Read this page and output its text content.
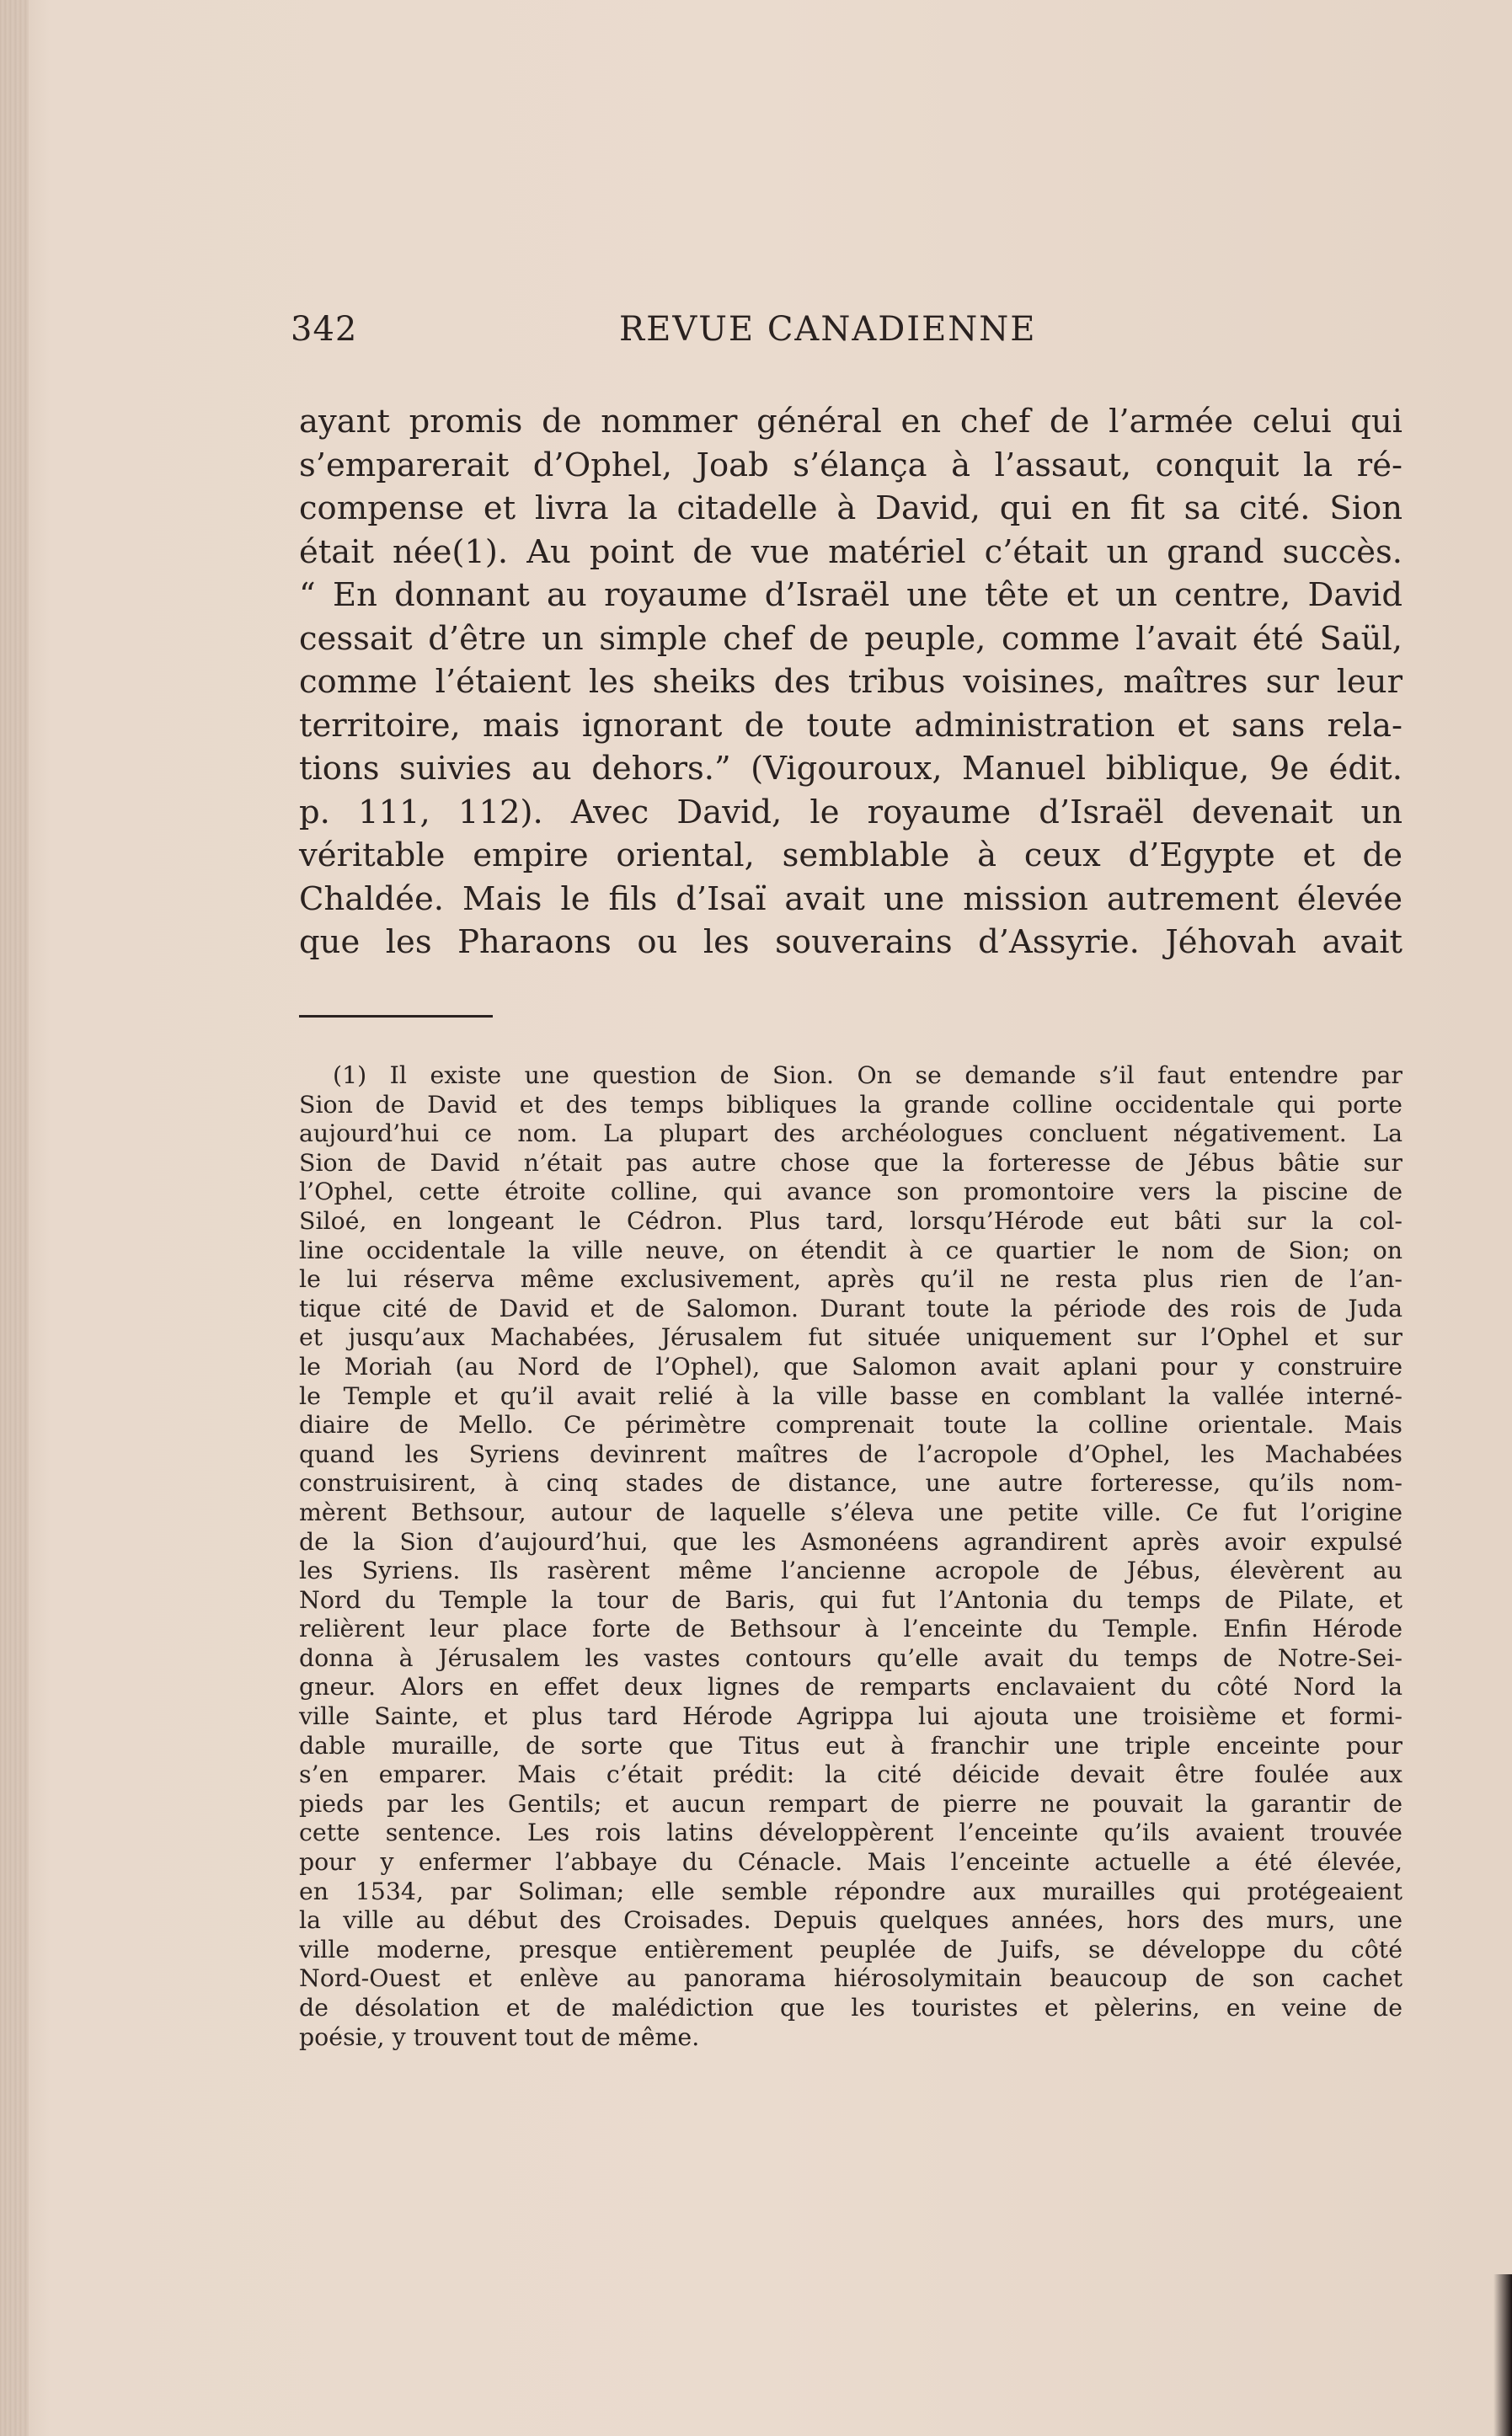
342	REVUE CANADIENNE
ayant promis de nommer général en chef de l’armée celui qui
s’emparerait d’Ophel, Joab s’élança à l’assaut, conquit la ré-
compense et livra la citadelle à David, qui en fit sa cité. Sion
était née(1). Au point de vue matériel c’était un grand succès.
“ En donnant au royaume d’Israël une tête et un centre, David
cessait d’être un simple chef de peuple, comme l’avait été Saül,
comme l’étaient les sheiks des tribus voisines, maîtres sur leur
territoire, mais ignorant de toute administration et sans rela-
tions suivies au dehors.” (Vigouroux, Manuel biblique, 9e édit.
p. 111, 112). Avec David, le royaume d’Israël devenait un
véritable empire oriental, semblable à ceux d’Egypte et de
Chaldée. Mais le fils d’Isaï avait une mission autrement élevée
que les Pharaons ou les souverains d’Assyrie. Jéhovah avait
(1) Il existe une question de Sion. On se demande s’il faut entendre par
Sion de David et des temps bibliques la grande colline occidentale qui porte
aujourd’hui ce nom. La plupart des archéologues concluent négativement. La
Sion de David n’était pas autre chose que la forteresse de Jébus bâtie sur
l’Ophel, cette étroite colline, qui avance son promontoire vers la piscine de
Siloé, en longeant le Cédron. Plus tard, lorsqu’Hérode eut bâti sur la col-
line occidentale la ville neuve, on étendit à ce quartier le nom de Sion; on
le lui réserva même exclusivement, après qu’il ne resta plus rien de l’an-
tique cité de David et de Salomon. Durant toute la période des rois de Juda
et jusqu’aux Machabées, Jérusalem fut située uniquement sur l’Ophel et sur
le Moriah (au Nord de l’Ophel), que Salomon avait aplani pour y construire
le Temple et qu’il avait relié à la ville basse en comblant la vallée interné-
diaire de Mello. Ce périmètre comprenait toute la colline orientale. Mais
quand les Syriens devinrent maîtres de l’acropole d’Ophel, les Machabées
construisirent, à cinq stades de distance, une autre forteresse, qu’ils nom-
mèrent Bethsour, autour de laquelle s’éleva une petite ville. Ce fut l’origine
de la Sion d’aujourd’hui, que les Asmonéens agrandirent après avoir expulsé
les Syriens. Ils rasèrent même l’ancienne acropole de Jébus, élevèrent au
Nord du Temple la tour de Baris, qui fut l’Antonia du temps de Pilate, et
relièrent leur place forte de Bethsour à l’enceinte du Temple. Enfin Hérode
donna à Jérusalem les vastes contours qu’elle avait du temps de Notre-Sei-
gneur. Alors en effet deux lignes de remparts enclavaient du côté Nord la
ville Sainte, et plus tard Hérode Agrippa lui ajouta une troisième et formi-
dable muraille, de sorte que Titus eut à franchir une triple enceinte pour
s’en emparer. Mais c’était prédit: la cité déicide devait être foulée aux
pieds par les Gentils; et aucun rempart de pierre ne pouvait la garantir de
cette sentence. Les rois latins développèrent l’enceinte qu’ils avaient trouvée
pour y enfermer l’abbaye du Cénacle. Mais l’enceinte actuelle a été élevée,
en 1534, par Soliman; elle semble répondre aux murailles qui protégeaient
la ville au début des Croisades. Depuis quelques années, hors des murs, une
ville moderne, presque entièrement peuplée de Juifs, se développe du côté
Nord-Ouest et enlève au panorama hiérosolymitain beaucoup de son cachet
de désolation et de malédiction que les touristes et pèlerins, en veine de
poésie, y trouvent tout de même.
